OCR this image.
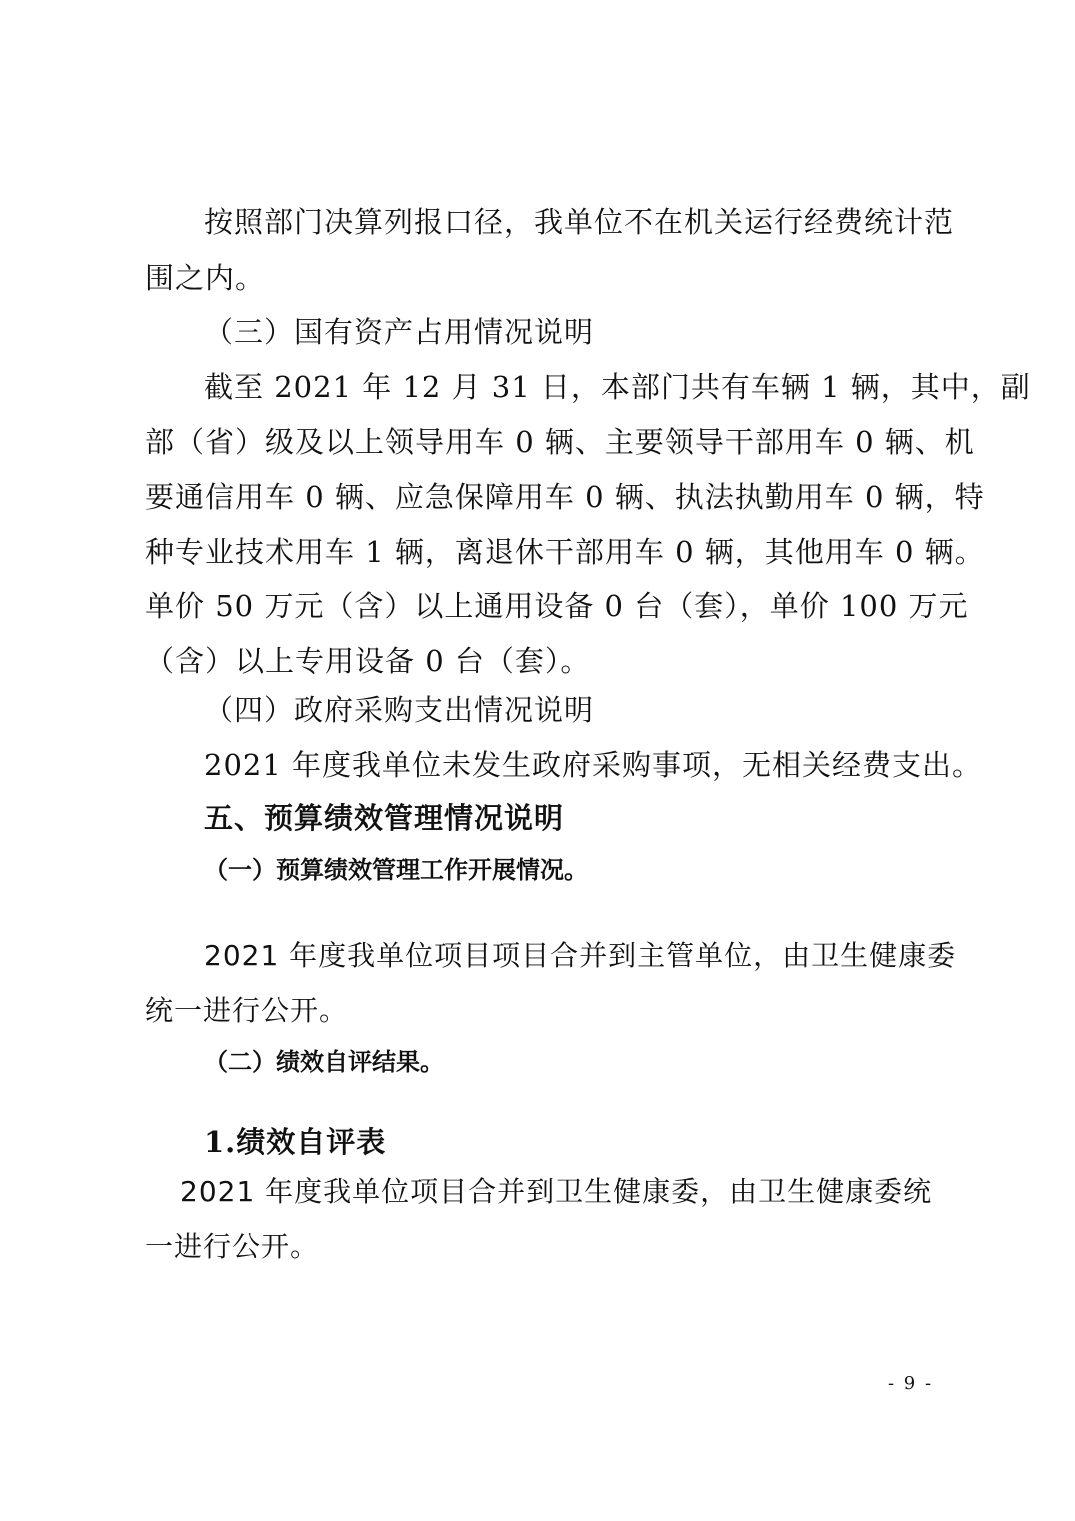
按照部门决算列报口径，我单位不在机关运行经费统计范
围之内。
（三）国有资产占用情况说明
截至 2021 年 12 月 31 日，本部门共有车辆 1 辆，其中，副
部（省）级及以上领导用车 0 辆、主要领导干部用车 0 辆、机
要通信用车 0 辆、应急保障用车 0 辆、执法执勤用车 0 辆，特
种专业技术用车 1 辆，离退休干部用车 0 辆，其他用车 0 辆。
单价 50 万元（含）以上通用设备 0 台（套），单价 100 万元
（含）以上专用设备 0 台（套）。
（四）政府采购支出情况说明
2021 年度我单位未发生政府采购事项，无相关经费支出。
五、预算绩效管理情况说明
（一）预算绩效管理工作开展情况。
2021 年度我单位项目项目合并到主管单位，由卫生健康委
统一进行公开。
（二）绩效自评结果。
1.绩效自评表
2021 年度我单位项目合并到卫生健康委，由卫生健康委统
一进行公开。
- 9 -
